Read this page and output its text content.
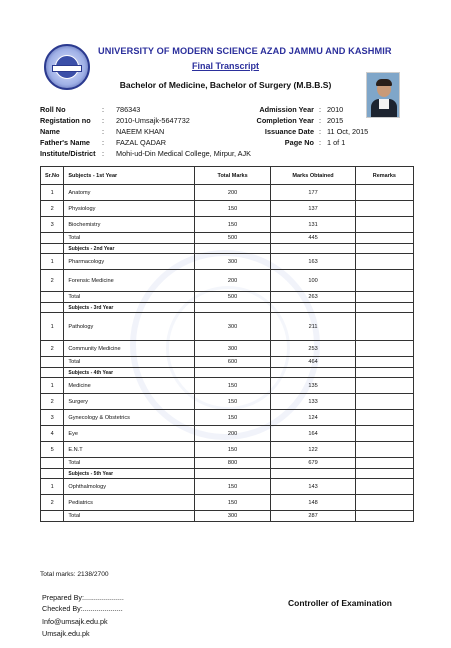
UNIVERSITY OF MODERN SCIENCE AZAD JAMMU AND KASHMIR
Final Transcript
Bachelor of Medicine, Bachelor of Surgery (M.B.B.S)
Roll No	: 786343
Registation no : 2010-Umsajk-5647732
Name	: NAEEM KHAN
Father's Name : FAZAL QADAR
Institute/District : Mohi-ud-Din Medical College, Mirpur, AJK
Admission Year : 2010
Completion Year : 2015
Issuance Date : 11 Oct, 2015
Page No : 1 of 1
Sr.No	Subjects - 1st Year	Total Marks	Marks Obtained	Remarks
1	Anatomy	200	177	
2	Physiology	150	137	
3	Biochemistry	150	131	
	Total	500	445	
	Subjects - 2nd Year			
1	Pharmacology	300	163	
2	Forensic Medicine	200	100	
	Total	500	263	
	Subjects - 3rd Year			
1	Pathology	300	211	
2	Community Medicine	300	253	
	Total	600	464	
	Subjects - 4th Year			
1	Medicine	150	135	
2	Surgery	150	133	
3	Gynecology & Obstetrics	150	124	
4	Eye	200	164	
5	E.N.T	150	122	
	Total	800	679	
	Subjects - 5th Year			
1	Ophthalmology	150	143	
2	Pediatrics	150	148	
	Total	300	287	
Total marks: 2138/2700
Prepared By:....................
Checked By:....................
Info@umsajk.edu.pk
Umsajk.edu.pk
Controller of Examination
